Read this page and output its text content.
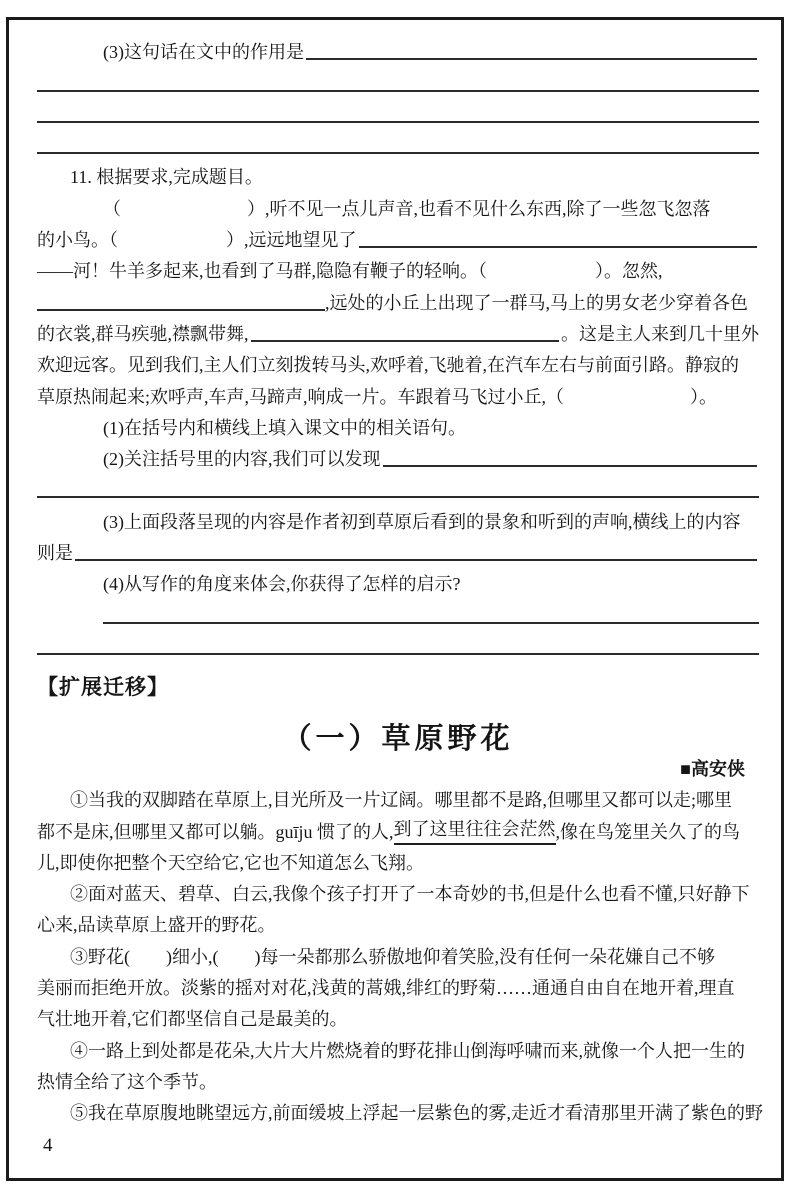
(3)这句话在文中的作用是
11. 根据要求,完成题目。
（　　　　　　　）,听不见一点儿声音,也看不见什么东西,除了一些忽飞忽落
的小鸟。（　　　　　　）,远远地望见了
——河！牛羊多起来,也看到了马群,隐隐有鞭子的轻响。（　　　　　　）。忽然,
,远处的小丘上出现了一群马,马上的男女老少穿着各色
的衣裳,群马疾驰,襟飘带舞,	。这是主人来到几十里外
欢迎远客。见到我们,主人们立刻拨转马头,欢呼着,飞驰着,在汽车左右与前面引路。静寂的
草原热闹起来;欢呼声,车声,马蹄声,响成一片。车跟着马飞过小丘,（　　　　　　　）。
(1)在括号内和横线上填入课文中的相关语句。
(2)关注括号里的内容,我们可以发现
(3)上面段落呈现的内容是作者初到草原后看到的景象和听到的声响,横线上的内容
则是
(4)从写作的角度来体会,你获得了怎样的启示?
【扩展迁移】
（一）草原野花
■高安侠
①当我的双脚踏在草原上,目光所及一片辽阔。哪里都不是路,但哪里又都可以走;哪里
都不是床,但哪里又都可以躺。guīju 惯了的人, 到了这里往往会茫然 ,像在鸟笼里关久了的鸟
儿,即使你把整个天空给它,它也不知道怎么飞翔。
②面对蓝天、碧草、白云,我像个孩子打开了一本奇妙的书,但是什么也看不懂,只好静下
心来,品读草原上盛开的野花。
③野花(　　)细小,(　　)每一朵都那么骄傲地仰着笑脸,没有任何一朵花嫌自己不够
美丽而拒绝开放。淡紫的摇对对花,浅黄的蒿娥,绯红的野菊……通通自由自在地开着,理直
气壮地开着,它们都坚信自己是最美的。
④一路上到处都是花朵,大片大片燃烧着的野花排山倒海呼啸而来,就像一个人把一生的
热情全给了这个季节。
⑤我在草原腹地眺望远方,前面缓坡上浮起一层紫色的雾,走近才看清那里开满了紫色的野
4
